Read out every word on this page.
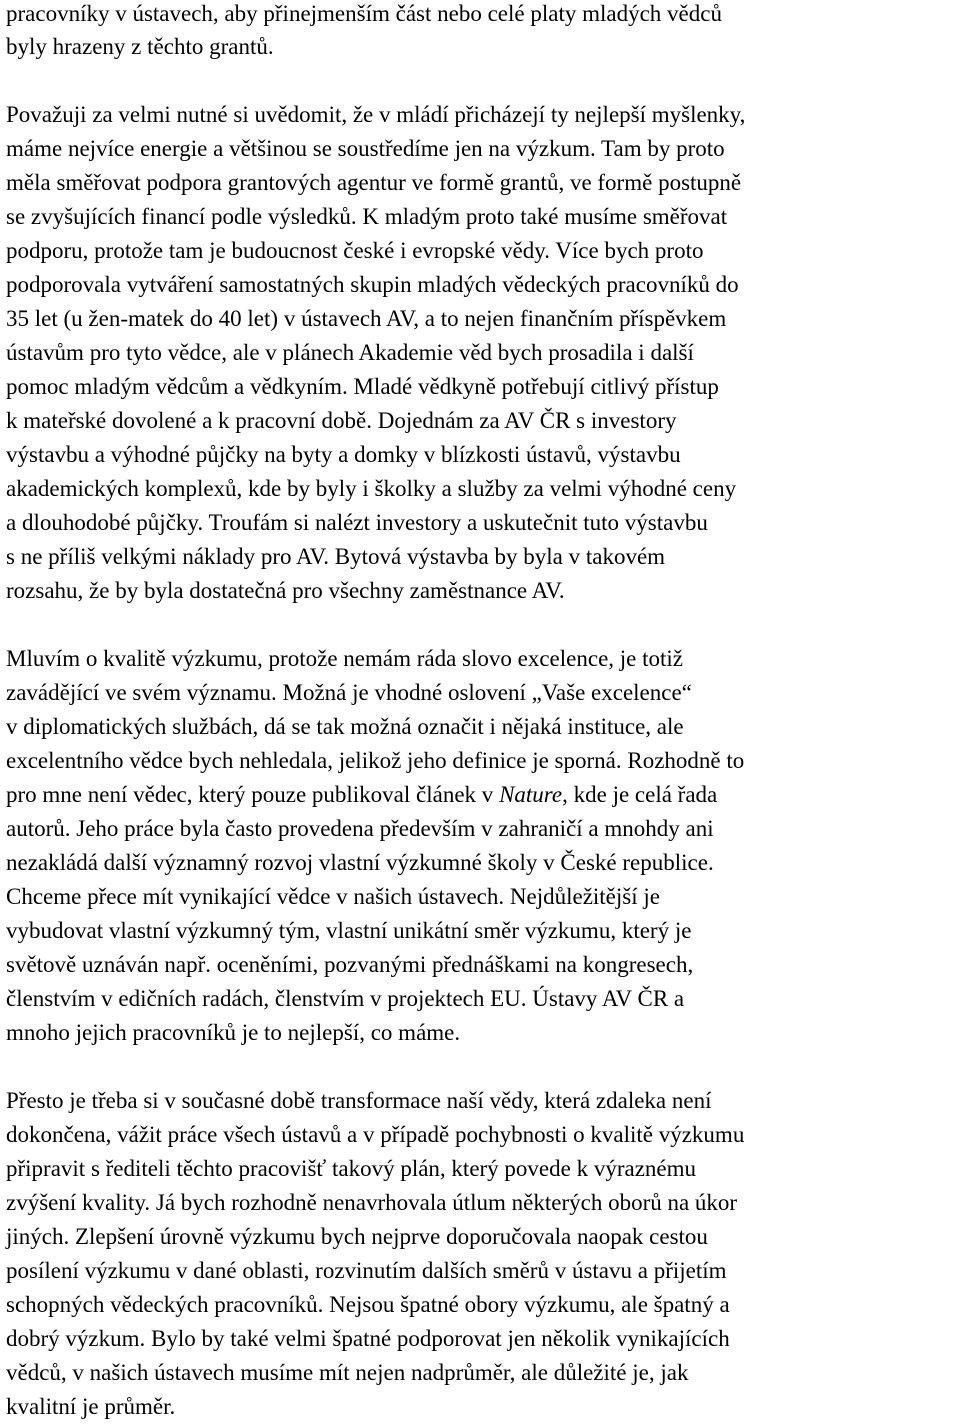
pracovníky v ústavech, aby přinejmenším část nebo celé platy mladých vědců
byly hrazeny z těchto grantů.
Považuji za velmi nutné si uvědomit, že v mládí přicházejí ty nejlepší myšlenky,
máme nejvíce energie a většinou se soustředíme jen na výzkum. Tam by proto
měla směřovat podpora grantových agentur ve formě grantů, ve formě postupně
se zvyšujících financí podle výsledků. K mladým proto také musíme směřovat
podporu, protože tam je budoucnost české i evropské vědy. Více bych proto
podporovala vytváření samostatných skupin mladých vědeckých pracovníků do
35 let (u žen-matek do 40 let) v ústavech AV, a to nejen finančním příspěvkem
ústavům pro tyto vědce, ale v plánech Akademie věd bych prosadila i další
pomoc mladým vědcům a vědkyním. Mladé vědkyně potřebují citlivý přístup
k mateřské dovolené a k pracovní době. Dojednám za AV ČR s investory
výstavbu a výhodné půjčky na byty a domky v blízkosti ústavů, výstavbu
akademických komplexů, kde by byly i školky a služby za velmi výhodné ceny
a dlouhodobé půjčky. Troufám si nalézt investory a uskutečnit tuto výstavbu
s ne příliš velkými náklady pro AV. Bytová výstavba by byla v takovém
rozsahu, že by byla dostatečná pro všechny zaměstnance AV.
Mluvím o kvalitě výzkumu, protože nemám ráda slovo excelence, je totiž
zavádějící ve svém významu. Možná je vhodné oslovení „Vaše excelence“
v diplomatických službách, dá se tak možná označit i nějaká instituce, ale
excelentního vědce bych nehledala, jelikož jeho definice je sporná. Rozhodně to
pro mne není vědec, který pouze publikoval článek v Nature, kde je celá řada
autorů. Jeho práce byla často provedena především v zahraničí a mnohdy ani
nezakládá další významný rozvoj vlastní výzkumné školy v České republice.
Chceme přece mít vynikající vědce v našich ústavech. Nejdůležitější je
vybudovat vlastní výzkumný tým, vlastní unikátní směr výzkumu, který je
světově uznáván např. oceněními, pozvanými přednáškami na kongresech,
členstvím v edičních radách, členstvím v projektech EU. Ústavy AV ČR a
mnoho jejich pracovníků je to nejlepší, co máme.
Přesto je třeba si v současné době transformace naší vědy, která zdaleka není
dokončena, vážit práce všech ústavů a v případě pochybnosti o kvalitě výzkumu
připravit s řediteli těchto pracovišť takový plán, který povede k výraznému
zvýšení kvality. Já bych rozhodně nenavrhovala útlum některých oborů na úkor
jiných. Zlepšení úrovně výzkumu bych nejprve doporučovala naopak cestou
posílení výzkumu v dané oblasti, rozvinutím dalších směrů v ústavu a přijetím
schopných vědeckých pracovníků. Nejsou špatné obory výzkumu, ale špatný a
dobrý výzkum. Bylo by také velmi špatné podporovat jen několik vynikajících
vědců, v našich ústavech musíme mít nejen nadprůměr, ale důležité je, jak
kvalitní je průměr.
